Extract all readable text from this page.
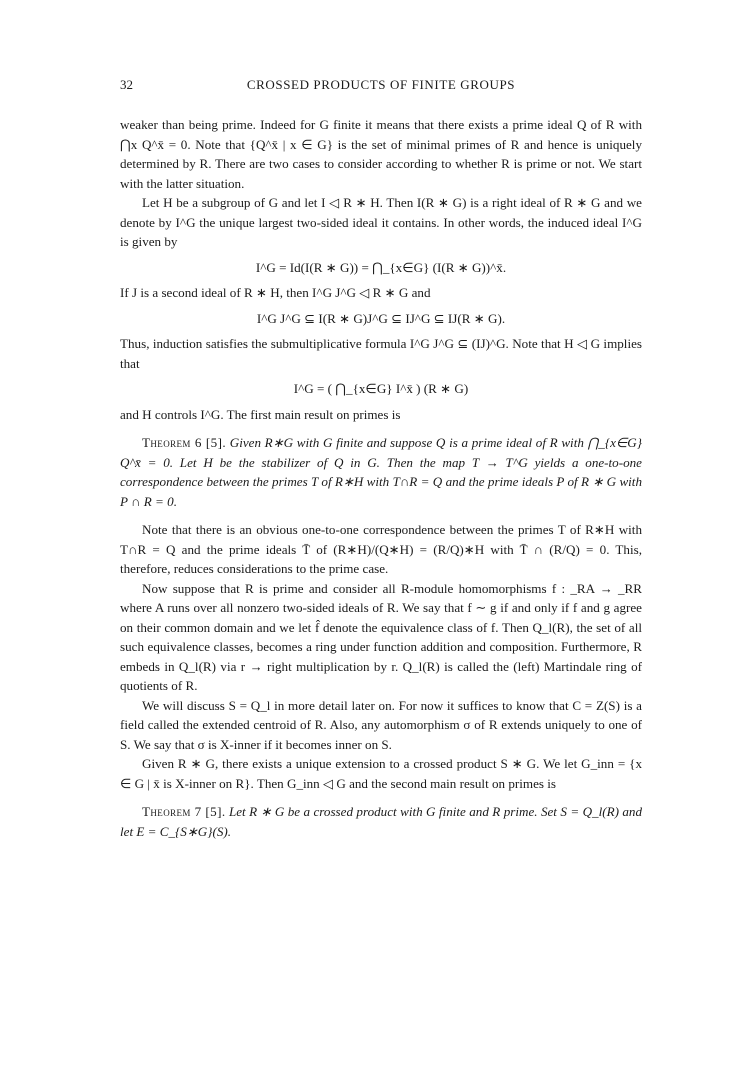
32	CROSSED PRODUCTS OF FINITE GROUPS

weaker than being prime. Indeed for G finite it means that there exists a prime ideal Q of R with ⋂x Q^x̄ = 0. Note that {Q^x̄ | x ∈ G} is the set of minimal primes of R and hence is uniquely determined by R. There are two cases to consider according to whether R is prime or not. We start with the latter situation.

Let H be a subgroup of G and let I ◁ R ∗ H. Then I(R ∗ G) is a right ideal of R ∗ G and we denote by I^G the unique largest two-sided ideal it contains. In other words, the induced ideal I^G is given by

I^G = Id(I(R ∗ G)) = ⋂_{x∈G} (I(R ∗ G))^x̄.

If J is a second ideal of R ∗ H, then I^G J^G ◁ R ∗ G and

I^G J^G ⊆ I(R ∗ G)J^G ⊆ IJ^G ⊆ IJ(R ∗ G).

Thus, induction satisfies the submultiplicative formula I^G J^G ⊆ (IJ)^G. Note that H ◁ G implies that

I^G = ( ⋂_{x∈G} I^x̄ ) (R ∗ G)

and H controls I^G. The first main result on primes is

Theorem 6 [5]. Given R∗G with G finite and suppose Q is a prime ideal of R with ⋂_{x∈G} Q^x̄ = 0. Let H be the stabilizer of Q in G. Then the map T → T^G yields a one-to-one correspondence between the primes T of R∗H with T∩R = Q and the prime ideals P of R ∗ G with P ∩ R = 0.

Note that there is an obvious one-to-one correspondence between the primes T of R∗H with T∩R = Q and the prime ideals T̄ of (R∗H)/(Q∗H) = (R/Q)∗H with T̄ ∩ (R/Q) = 0. This, therefore, reduces considerations to the prime case.

Now suppose that R is prime and consider all R-module homomorphisms f : _RA → _RR where A runs over all nonzero two-sided ideals of R. We say that f ∼ g if and only if f and g agree on their common domain and we let f̂ denote the equivalence class of f. Then Q_l(R), the set of all such equivalence classes, becomes a ring under function addition and composition. Furthermore, R embeds in Q_l(R) via r → right multiplication by r. Q_l(R) is called the (left) Martindale ring of quotients of R.

We will discuss S = Q_l in more detail later on. For now it suffices to know that C = Z(S) is a field called the extended centroid of R. Also, any automorphism σ of R extends uniquely to one of S. We say that σ is X-inner if it becomes inner on S.

Given R ∗ G, there exists a unique extension to a crossed product S ∗ G. We let G_inn = {x ∈ G | x̄ is X-inner on R}. Then G_inn ◁ G and the second main result on primes is

Theorem 7 [5]. Let R ∗ G be a crossed product with G finite and R prime. Set S = Q_l(R) and let E = C_{S∗G}(S).
